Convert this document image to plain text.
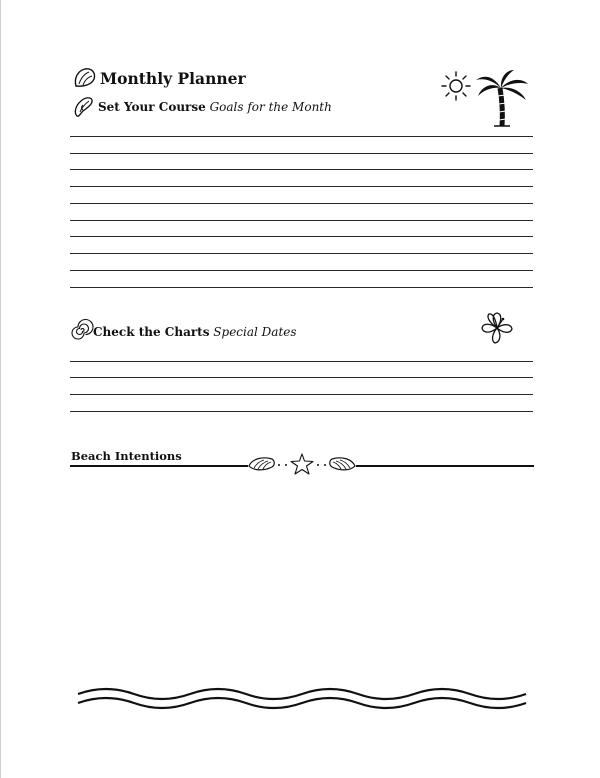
Monthly Planner
Set Your Course Goals for the Month
Check the Charts Special Dates
Beach Intentions
